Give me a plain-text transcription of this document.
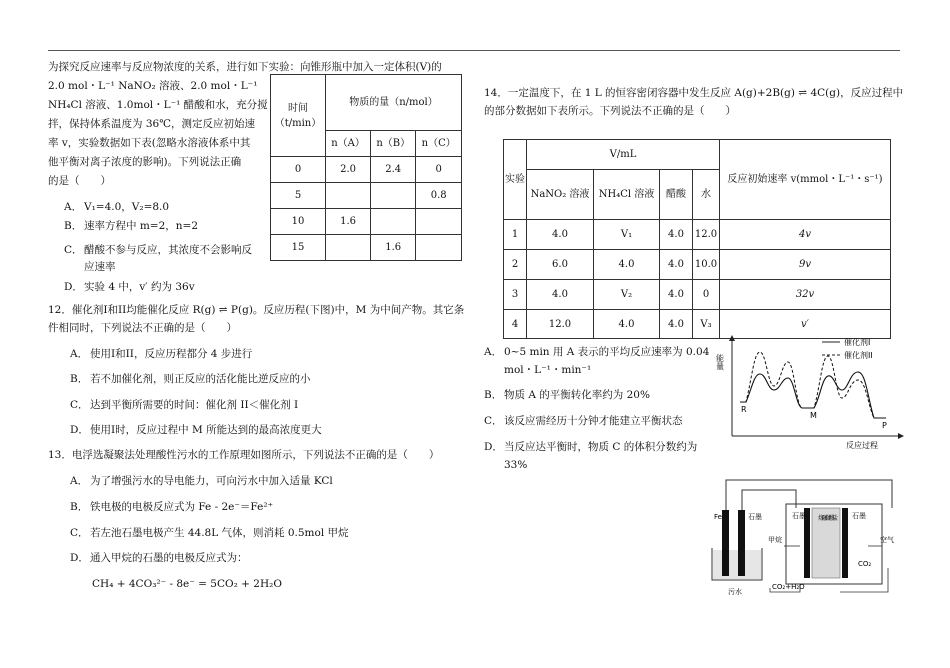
为探究反应速率与反应物浓度的关系，进行如下实验：向锥形瓶中加入一定体积(V)的
2.0 mol・L⁻¹ NaNO₂ 溶液、2.0 mol・L⁻¹
NH₄Cl 溶液、1.0mol・L⁻¹ 醋酸和水，充分搅
拌，保持体系温度为 36℃，测定反应初始速
率 v，实验数据如下表(忽略水溶液体系中其
他平衡对离子浓度的影响)。下列说法正确
的是（　　）
A． V₁=4.0，V₂=8.0
B． 速率方程中 m=2，n=2
C．醋酸不参与反应，其浓度不会影响反
应速率
D．实验 4 中，v′ 约为 36v
时间
（t/min）	物质的量（n/mol）		
	n（A）	n（B）	n（C）
0	2.0	2.4	0
5			0.8
10	1.6		
15		1.6	
12．催化剂I和II均能催化反应 R(g) ⇌ P(g)。反应历程(下图)中，M 为中间产物。其它条
件相同时，下列说法不正确的是（　　）
A． 使用I和II，反应历程都分 4 步进行
B． 若不加催化剂，则正反应的活化能比逆反应的小
C．达到平衡所需要的时间：催化剂 II＜催化剂 I
D．使用I时，反应过程中 M 所能达到的最高浓度更大
13．电浮选凝聚法处理酸性污水的工作原理如图所示，下列说法不正确的是（　　）
A． 为了增强污水的导电能力，可向污水中加入适量 KCl
B． 铁电极的电极反应式为 Fe - 2e⁻＝Fe²⁺
C．若左池石墨电极产生 44.8L 气体，则消耗 0.5mol 甲烷
D．通入甲烷的石墨的电极反应式为：
CH₄ + 4CO₃²⁻ - 8e⁻ = 5CO₂ + 2H₂O
14．一定温度下，在 1 L 的恒容密闭容器中发生反应 A(g)+2B(g) ⇌ 4C(g)，反应过程中
的部分数据如下表所示。下列说法不正确的是（　　）
A． 0~5 min 用 A 表示的平均反应速率为 0.04
mol・L⁻¹・min⁻¹
B． 物质 A 的平衡转化率约为 20%
C．该反应需经历十分钟才能建立平衡状态
D．当反应达平衡时，物质 C 的体积分数约为
33%
实验	V/mL				反应初始速率 v(mmol・L⁻¹・s⁻¹)
	NaNO₂ 溶液	NH₄Cl 溶液	醋酸	水	
1	4.0	V₁	4.0	12.0	4v
2	6.0	4.0	4.0	10.0	9v
3	4.0	V₂	4.0	0	32v
4	12.0	4.0	4.0	V₃	v′
能量
反应过程
催化剂I
催化剂II
R
M
P
Fe	石墨
污水
石墨 熔融碳酸盐 石墨
甲烷	空气
CO₂
CO₂+H₂O
